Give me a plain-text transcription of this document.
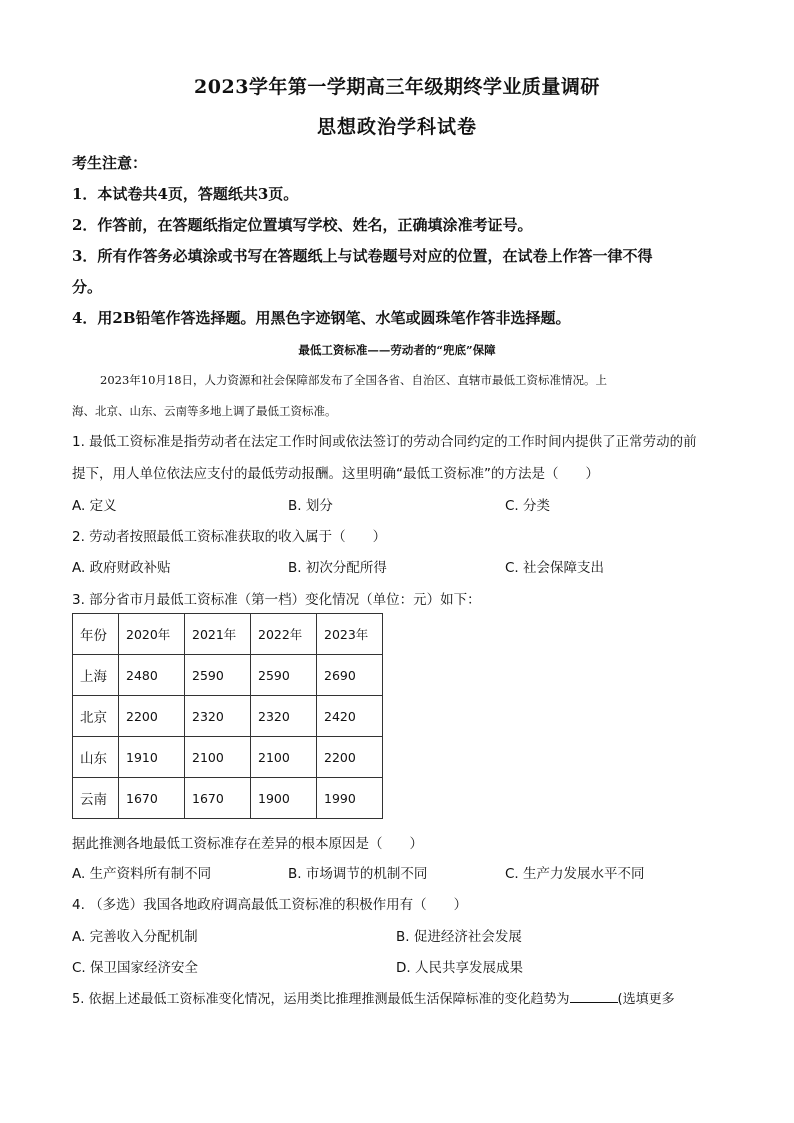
2023学年第一学期高三年级期终学业质量调研
思想政治学科试卷
考生注意：
1．本试卷共4页，答题纸共3页。
2．作答前，在答题纸指定位置填写学校、姓名，正确填涂准考证号。
3．所有作答务必填涂或书写在答题纸上与试卷题号对应的位置，在试卷上作答一律不得
分。
4．用2B铅笔作答选择题。用黑色字迹钢笔、水笔或圆珠笔作答非选择题。
最低工资标准——劳动者的“兜底”保障
2023年10月18日，人力资源和社会保障部发布了全国各省、自治区、直辖市最低工资标准情况。上
海、北京、山东、云南等多地上调了最低工资标准。
1. 最低工资标准是指劳动者在法定工作时间或依法签订的劳动合同约定的工作时间内提供了正常劳动的前
提下，用人单位依法应支付的最低劳动报酬。这里明确“最低工资标准”的方法是（　　）
A. 定义	B. 划分	C. 分类
2. 劳动者按照最低工资标准获取的收入属于（　　）
A. 政府财政补贴	B. 初次分配所得	C. 社会保障支出
3. 部分省市月最低工资标准（第一档）变化情况（单位：元）如下：
年份	2020年	2021年	2022年	2023年
上海	2480	2590	2590	2690
北京	2200	2320	2320	2420
山东	1910	2100	2100	2200
云南	1670	1670	1900	1990
据此推测各地最低工资标准存在差异的根本原因是（　　）
A. 生产资料所有制不同	B. 市场调节的机制不同	C. 生产力发展水平不同
4. （多选）我国各地政府调高最低工资标准的积极作用有（　　）
A. 完善收入分配机制	B. 促进经济社会发展
C. 保卫国家经济安全	D. 人民共享发展成果
5. 依据上述最低工资标准变化情况，运用类比推理推测最低生活保障标准的变化趋势为	(选填更多
